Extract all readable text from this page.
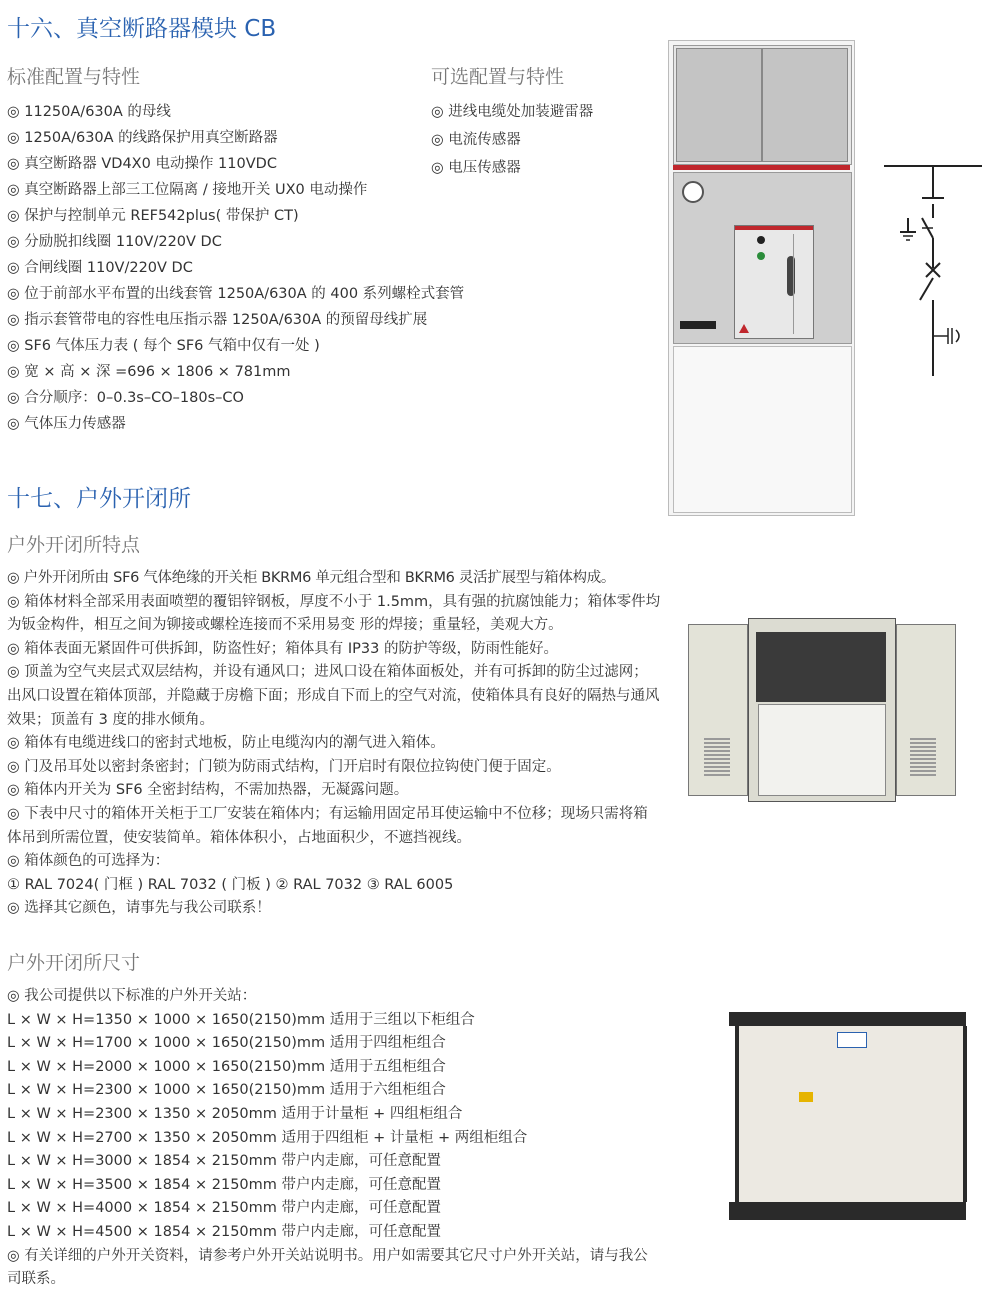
十六、真空断路器模块 CB
标准配置与特性	可选配置与特性
◎ 11250A/630A 的母线
◎ 1250A/630A 的线路保护用真空断路器
◎ 真空断路器 VD4X0 电动操作 110VDC
◎ 真空断路器上部三工位隔离 / 接地开关 UX0 电动操作
◎ 保护与控制单元 REF542plus( 带保护 CT)
◎ 分励脱扣线圈 110V/220V DC
◎ 合闸线圈 110V/220V DC
◎ 位于前部水平布置的出线套管 1250A/630A 的 400 系列螺栓式套管
◎ 指示套管带电的容性电压指示器 1250A/630A 的预留母线扩展
◎ SF6 气体压力表 ( 每个 SF6 气箱中仅有一处 )
◎ 宽 × 高 × 深 =696 × 1806 × 781mm
◎ 合分顺序：0–0.3s–CO–180s–CO
◎ 气体压力传感器
◎ 进线电缆处加装避雷器
◎ 电流传感器
◎ 电压传感器
十七、户外开闭所
户外开闭所特点

◎ 户外开闭所由 SF6 气体绝缘的开关柜 BKRM6 单元组合型和 BKRM6 灵活扩展型与箱体构成。

◎ 箱体材料全部采用表面喷塑的覆铝锌钢板，厚度不小于 1.5mm，具有强的抗腐蚀能力；箱体零件均为钣金构件，相互之间为铆接或螺栓连接而不采用易变 形的焊接；重量轻，美观大方。

◎ 箱体表面无紧固件可供拆卸，防盗性好；箱体具有 IP33 的防护等级，防雨性能好。

◎ 顶盖为空气夹层式双层结构，并设有通风口；进风口设在箱体面板处，并有可拆卸的防尘过滤网；出风口设置在箱体顶部，并隐藏于房檐下面；形成自下而上的空气对流，使箱体具有良好的隔热与通风效果；顶盖有 3 度的排水倾角。

◎ 箱体有电缆进线口的密封式地板，防止电缆沟内的潮气进入箱体。

◎ 门及吊耳处以密封条密封；门锁为防雨式结构，门开启时有限位拉钩使门便于固定。

◎ 箱体内开关为 SF6 全密封结构，不需加热器，无凝露问题。

◎ 下表中尺寸的箱体开关柜于工厂安装在箱体内；有运输用固定吊耳使运输中不位移；现场只需将箱体吊到所需位置，使安装简单。箱体体积小，占地面积少，不遮挡视线。

◎ 箱体颜色的可选择为：

① RAL 7024( 门框 ) RAL 7032 ( 门板 ) ② RAL 7032 ③ RAL 6005

◎ 选择其它颜色，请事先与我公司联系！

户外开闭所尺寸

◎ 我公司提供以下标准的户外开关站：

L × W × H=1350 × 1000 × 1650(2150)mm 适用于三组以下柜组合

L × W × H=1700 × 1000 × 1650(2150)mm 适用于四组柜组合

L × W × H=2000 × 1000 × 1650(2150)mm 适用于五组柜组合

L × W × H=2300 × 1000 × 1650(2150)mm 适用于六组柜组合

L × W × H=2300 × 1350 × 2050mm 适用于计量柜 + 四组柜组合

L × W × H=2700 × 1350 × 2050mm 适用于四组柜 + 计量柜 + 两组柜组合

L × W × H=3000 × 1854 × 2150mm 带户内走廊，可任意配置

L × W × H=3500 × 1854 × 2150mm 带户内走廊，可任意配置

L × W × H=4000 × 1854 × 2150mm 带户内走廊，可任意配置

L × W × H=4500 × 1854 × 2150mm 带户内走廊，可任意配置

◎ 有关详细的户外开关资料，请参考户外开关站说明书。用户如需要其它尺寸户外开关站，请与我公司联系。
